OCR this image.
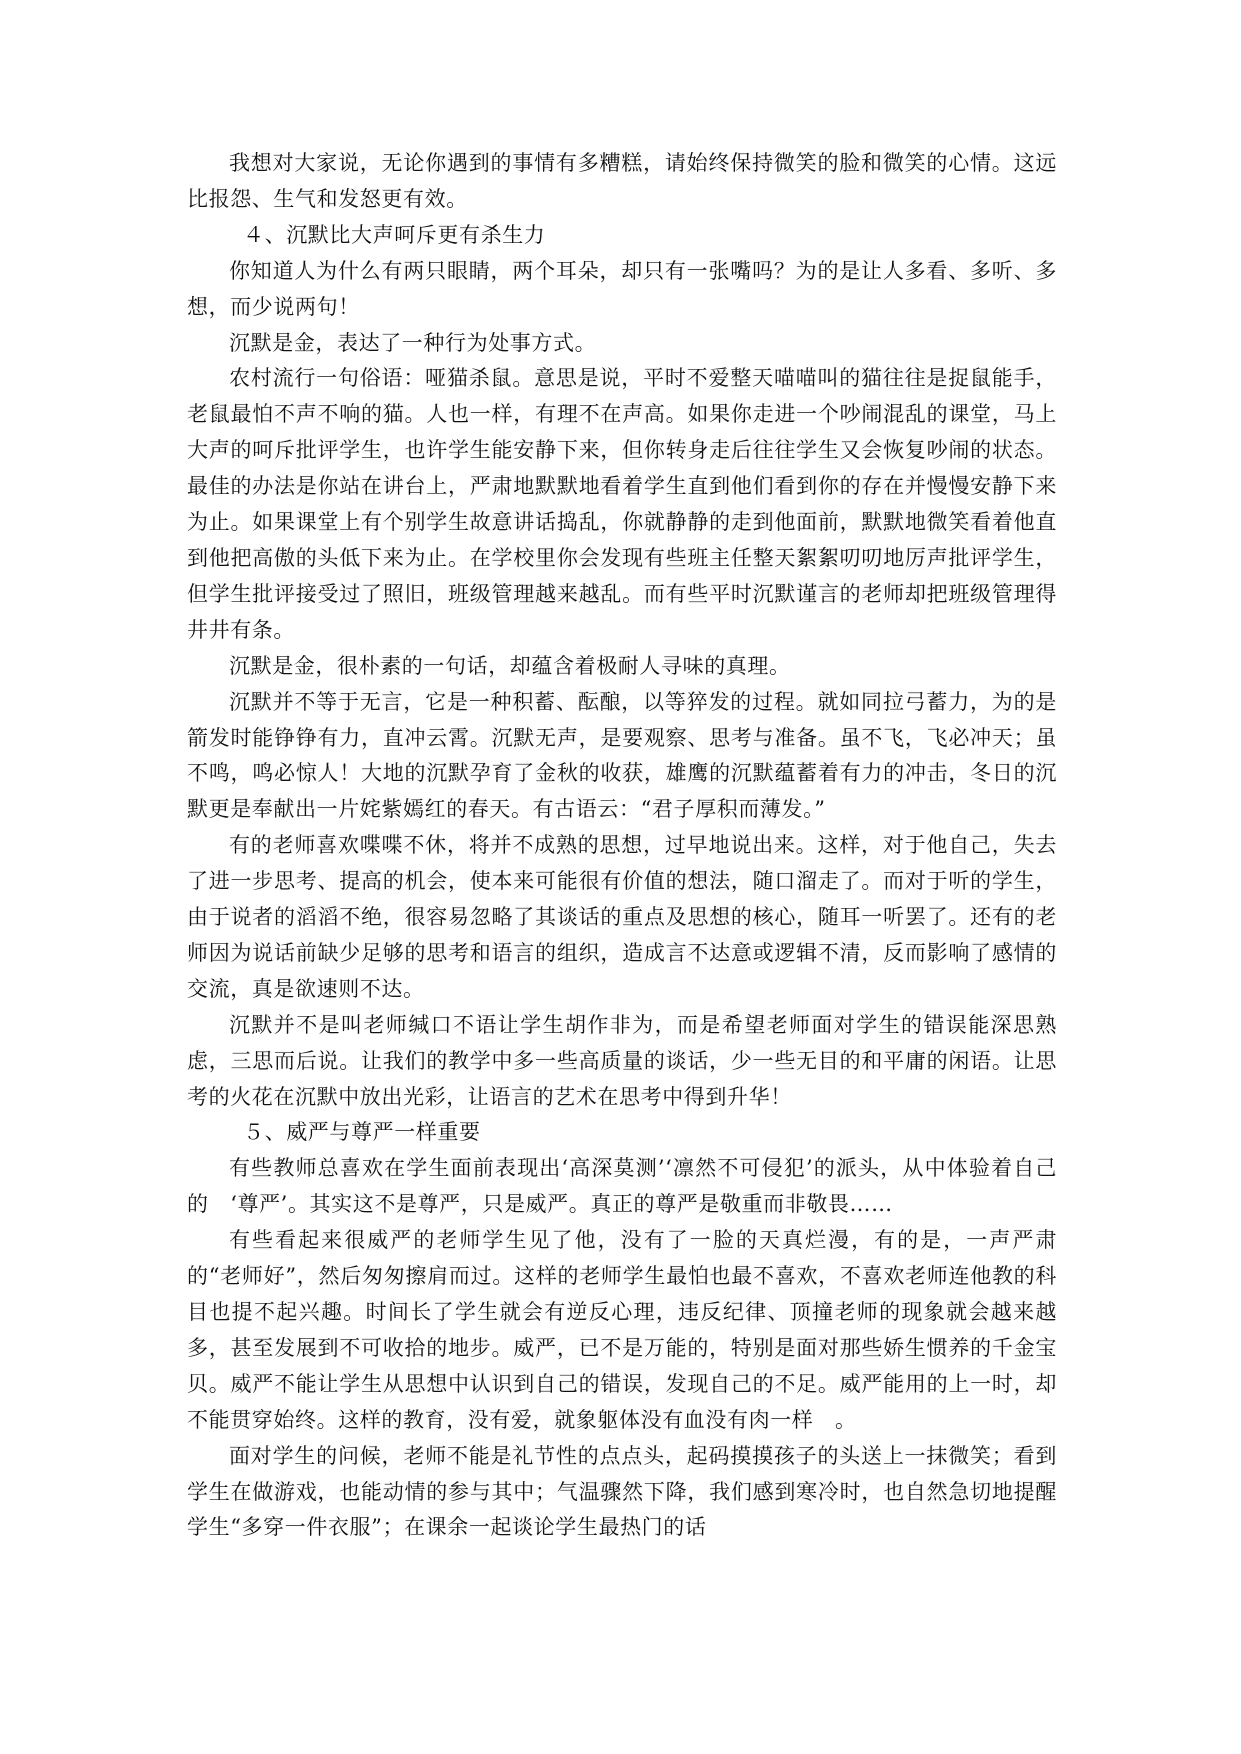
我想对大家说，无论你遇到的事情有多糟糕，请始终保持微笑的脸和微笑的心情。这远比报怨、生气和发怒更有效。

４、沉默比大声呵斥更有杀生力

你知道人为什么有两只眼睛，两个耳朵，却只有一张嘴吗？为的是让人多看、多听、多想，而少说两句！

沉默是金，表达了一种行为处事方式。

农村流行一句俗语：哑猫杀鼠。意思是说，平时不爱整天喵喵叫的猫往往是捉鼠能手，老鼠最怕不声不响的猫。人也一样，有理不在声高。如果你走进一个吵闹混乱的课堂，马上大声的呵斥批评学生，也许学生能安静下来，但你转身走后往往学生又会恢复吵闹的状态。最佳的办法是你站在讲台上，严肃地默默地看着学生直到他们看到你的存在并慢慢安静下来为止。如果课堂上有个别学生故意讲话捣乱，你就静静的走到他面前，默默地微笑看着他直到他把高傲的头低下来为止。在学校里你会发现有些班主任整天絮絮叨叨地厉声批评学生，但学生批评接受过了照旧，班级管理越来越乱。而有些平时沉默谨言的老师却把班级管理得井井有条。

沉默是金，很朴素的一句话，却蕴含着极耐人寻味的真理。

沉默并不等于无言，它是一种积蓄、酝酿，以等猝发的过程。就如同拉弓蓄力，为的是箭发时能铮铮有力，直冲云霄。沉默无声，是要观察、思考与准备。虽不飞，飞必冲天；虽不鸣，鸣必惊人！大地的沉默孕育了金秋的收获，雄鹰的沉默蕴蓄着有力的冲击，冬日的沉默更是奉献出一片姹紫嫣红的春天。有古语云：“君子厚积而薄发。”

有的老师喜欢喋喋不休，将并不成熟的思想，过早地说出来。这样，对于他自己，失去了进一步思考、提高的机会，使本来可能很有价值的想法，随口溜走了。而对于听的学生，由于说者的滔滔不绝，很容易忽略了其谈话的重点及思想的核心，随耳一听罢了。还有的老师因为说话前缺少足够的思考和语言的组织，造成言不达意或逻辑不清，反而影响了感情的交流，真是欲速则不达。

沉默并不是叫老师缄口不语让学生胡作非为，而是希望老师面对学生的错误能深思熟虑，三思而后说。让我们的教学中多一些高质量的谈话，少一些无目的和平庸的闲语。让思考的火花在沉默中放出光彩，让语言的艺术在思考中得到升华！

５、威严与尊严一样重要

有些教师总喜欢在学生面前表现出‘高深莫测’‘凛然不可侵犯’的派头，从中体验着自己的　‘尊严’。其实这不是尊严，只是威严。真正的尊严是敬重而非敬畏……

有些看起来很威严的老师学生见了他，没有了一脸的天真烂漫，有的是，一声严肃的“老师好”，然后匆匆擦肩而过。这样的老师学生最怕也最不喜欢，不喜欢老师连他教的科目也提不起兴趣。时间长了学生就会有逆反心理，违反纪律、顶撞老师的现象就会越来越多，甚至发展到不可收拾的地步。威严，已不是万能的，特别是面对那些娇生惯养的千金宝贝。威严不能让学生从思想中认识到自己的错误，发现自己的不足。威严能用的上一时，却不能贯穿始终。这样的教育，没有爱，就象躯体没有血没有肉一样　。

面对学生的问候，老师不能是礼节性的点点头，起码摸摸孩子的头送上一抹微笑；看到学生在做游戏，也能动情的参与其中；气温骤然下降，我们感到寒冷时，也自然急切地提醒学生“多穿一件衣服”；在课余一起谈论学生最热门的话
